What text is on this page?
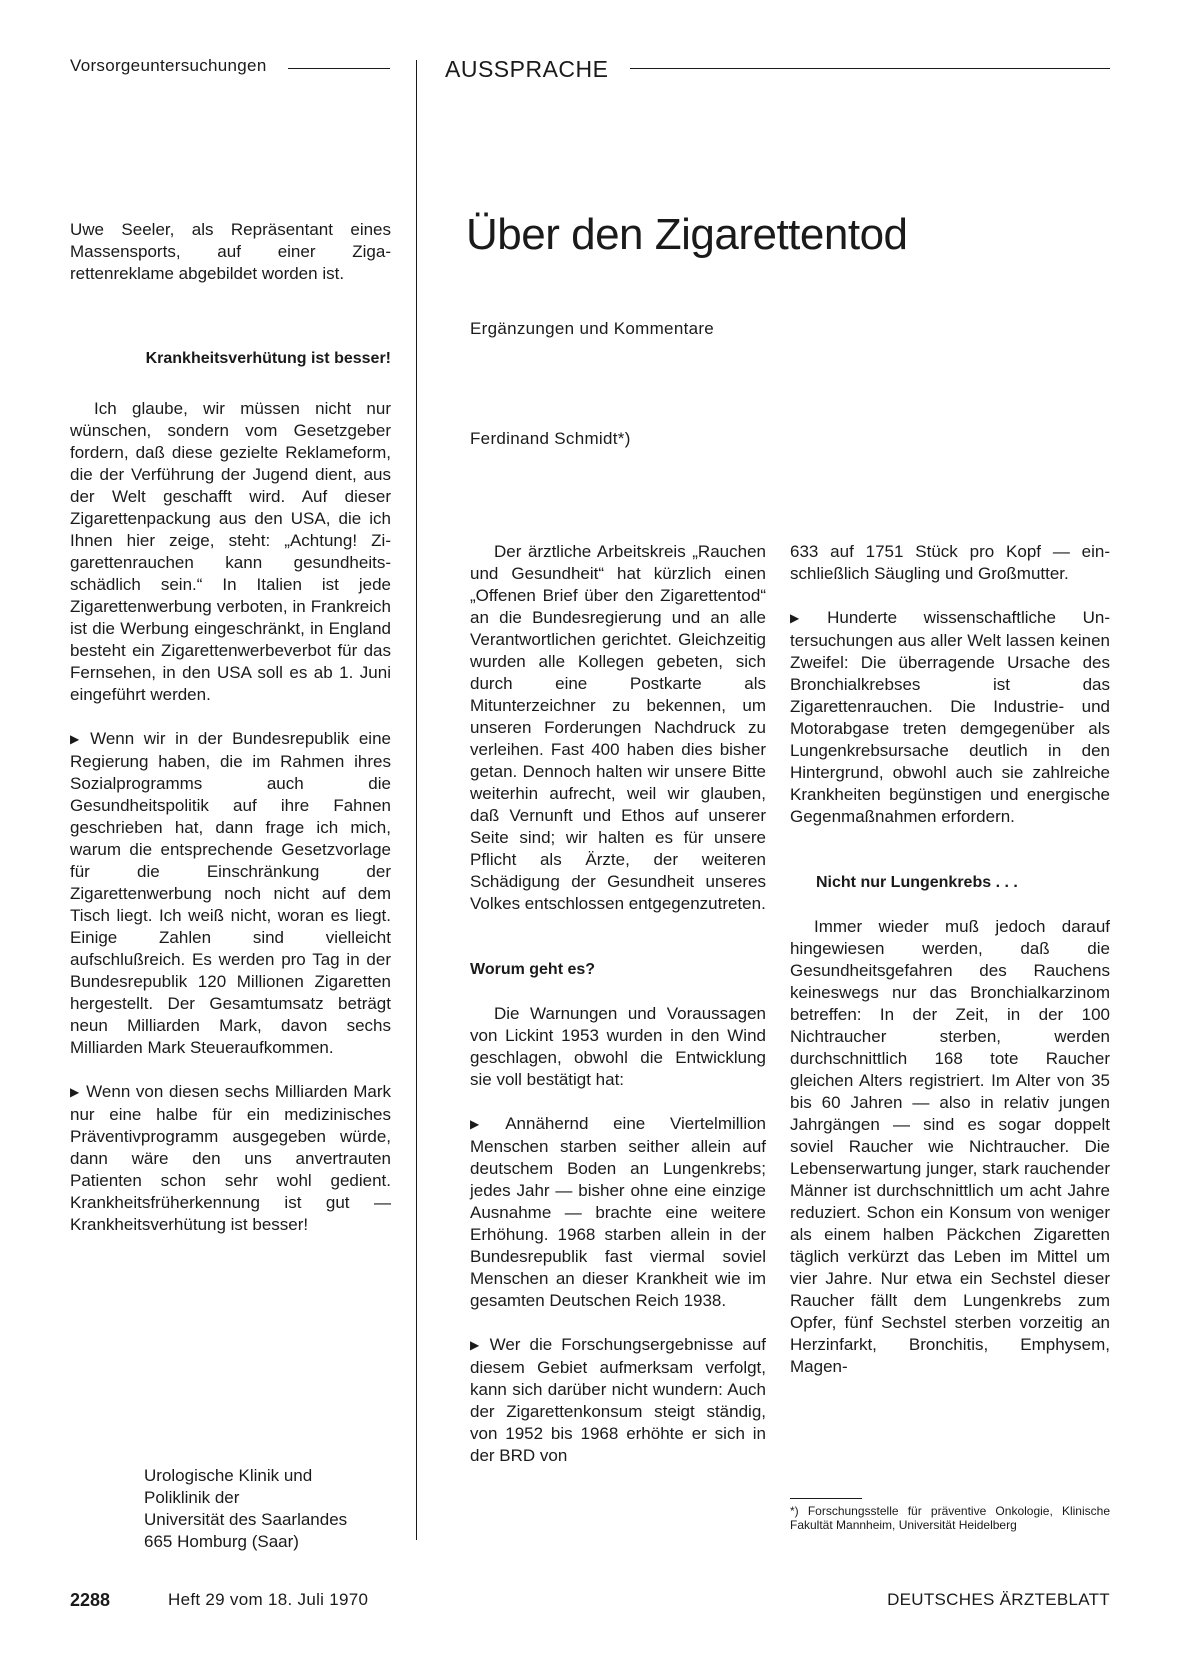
Vorsorgeuntersuchungen	AUSSPRACHE
Über den Zigarettentod
Ergänzungen und Kommentare
Ferdinand Schmidt*)

Uwe Seeler, als Repräsentant eines Massensports, auf einer Zigarettenreklame abgebildet worden ist.

Krankheitsverhütung ist besser!

Ich glaube, wir müssen nicht nur wünschen, sondern vom Gesetzgeber fordern, daß diese gezielte Reklameform, die der Verführung der Jugend dient, aus der Welt geschafft wird. Auf dieser Zigarettenpackung aus den USA, die ich Ihnen hier zeige, steht: „Achtung! Zigarettenrauchen kann gesundheitsschädlich sein.“ In Italien ist jede Zigarettenwerbung verboten, in Frankreich ist die Werbung eingeschränkt, in England besteht ein Zigarettenwerbeverbot für das Fernsehen, in den USA soll es ab 1. Juni eingeführt werden.

▶ Wenn wir in der Bundesrepublik eine Regierung haben, die im Rahmen ihres Sozialprogramms auch die Gesundheitspolitik auf ihre Fahnen geschrieben hat, dann frage ich mich, warum die entsprechende Gesetzvorlage für die Einschränkung der Zigarettenwerbung noch nicht auf dem Tisch liegt. Ich weiß nicht, woran es liegt. Einige Zahlen sind vielleicht aufschlußreich. Es werden pro Tag in der Bundesrepublik 120 Millionen Zigaretten hergestellt. Der Gesamtumsatz beträgt neun Milliarden Mark, davon sechs Milliarden Mark Steueraufkommen.

▶ Wenn von diesen sechs Milliarden Mark nur eine halbe für ein medizinisches Präventivprogramm ausgegeben würde, dann wäre den uns anvertrauten Patienten schon sehr wohl gedient. Krankheitsfrüherkennung ist gut — Krankheitsverhütung ist besser!

Urologische Klinik und
Poliklinik der
Universität des Saarlandes
665 Homburg (Saar)

Der ärztliche Arbeitskreis „Rauchen und Gesundheit“ hat kürzlich einen „Offenen Brief über den Zigarettentod“ an die Bundesregierung und an alle Verantwortlichen gerichtet. Gleichzeitig wurden alle Kollegen gebeten, sich durch eine Postkarte als Mitunterzeichner zu bekennen, um unseren Forderungen Nachdruck zu verleihen. Fast 400 haben dies bisher getan. Dennoch halten wir unsere Bitte weiterhin aufrecht, weil wir glauben, daß Vernunft und Ethos auf unserer Seite sind; wir halten es für unsere Pflicht als Ärzte, der weiteren Schädigung der Gesundheit unseres Volkes entschlossen entgegenzutreten.

Worum geht es?

Die Warnungen und Voraussagen von Lickint 1953 wurden in den Wind geschlagen, obwohl die Entwicklung sie voll bestätigt hat:

▶ Annähernd eine Viertelmillion Menschen starben seither allein auf deutschem Boden an Lungenkrebs; jedes Jahr — bisher ohne eine einzige Ausnahme — brachte eine weitere Erhöhung. 1968 starben allein in der Bundesrepublik fast viermal soviel Menschen an dieser Krankheit wie im gesamten Deutschen Reich 1938.

▶ Wer die Forschungsergebnisse auf diesem Gebiet aufmerksam verfolgt, kann sich darüber nicht wundern: Auch der Zigarettenkonsum steigt ständig, von 1952 bis 1968 erhöhte er sich in der BRD von

633 auf 1751 Stück pro Kopf — einschließlich Säugling und Großmutter.

▶ Hunderte wissenschaftliche Untersuchungen aus aller Welt lassen keinen Zweifel: Die überragende Ursache des Bronchialkrebses ist das Zigarettenrauchen. Die Industrie- und Motorabgase treten demgegenüber als Lungenkrebsursache deutlich in den Hintergrund, obwohl auch sie zahlreiche Krankheiten begünstigen und energische Gegenmaßnahmen erfordern.

Nicht nur Lungenkrebs . . .

Immer wieder muß jedoch darauf hingewiesen werden, daß die Gesundheitsgefahren des Rauchens keineswegs nur das Bronchialkarzinom betreffen: In der Zeit, in der 100 Nichtraucher sterben, werden durchschnittlich 168 tote Raucher gleichen Alters registriert. Im Alter von 35 bis 60 Jahren — also in relativ jungen Jahrgängen — sind es sogar doppelt soviel Raucher wie Nichtraucher. Die Lebenserwartung junger, stark rauchender Männer ist durchschnittlich um acht Jahre reduziert. Schon ein Konsum von weniger als einem halben Päckchen Zigaretten täglich verkürzt das Leben im Mittel um vier Jahre. Nur etwa ein Sechstel dieser Raucher fällt dem Lungenkrebs zum Opfer, fünf Sechstel sterben vorzeitig an Herzinfarkt, Bronchitis, Emphysem, Magen-

*) Forschungsstelle für präventive Onkologie, Klinische Fakultät Mannheim, Universität Heidelberg
2288	Heft 29 vom 18. Juli 1970	DEUTSCHES ÄRZTEBLATT
